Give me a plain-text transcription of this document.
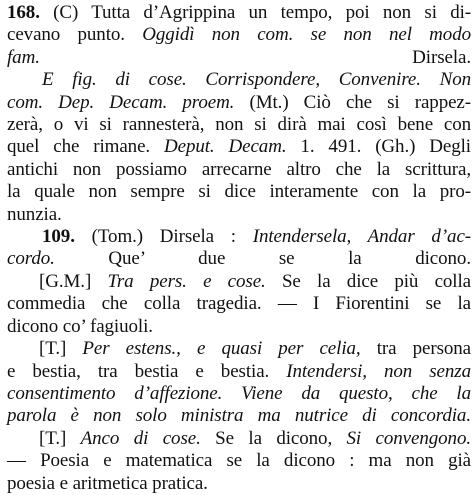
168. (C) Tutta d’Agrippina un tempo, poi non si di-
cevano punto. Oggidì non com. se non nel modo
fam. Dirsela.
E fig. di cose. Corrispondere, Convenire. Non
com. Dep. Decam. proem. (Mt.) Ciò che si rappez-
zerà, o vi si rannesterà, non si dirà mai così bene con
quel che rimane. Deput. Decam. 1. 491. (Gh.) Degli
antichi non possiamo arrecarne altro che la scrittura,
la quale non sempre si dice interamente con la pro-
nunzia.
109. (Tom.) Dirsela : Intendersela, Andar d’ac-
cordo. Que’ due se la dicono.
[G.M.] Tra pers. e cose. Se la dice più colla
commedia che colla tragedia. — I Fiorentini se la
dicono co’ fagiuoli.
[T.] Per estens., e quasi per celia, tra persona
e bestia, tra bestia e bestia. Intendersi, non senza
consentimento d’affezione. Viene da questo, che la
parola è non solo ministra ma nutrice di concordia.
[T.] Anco di cose. Se la dicono, Si convengono.
— Poesia e matematica se la dicono : ma non già
poesia e aritmetica pratica.
